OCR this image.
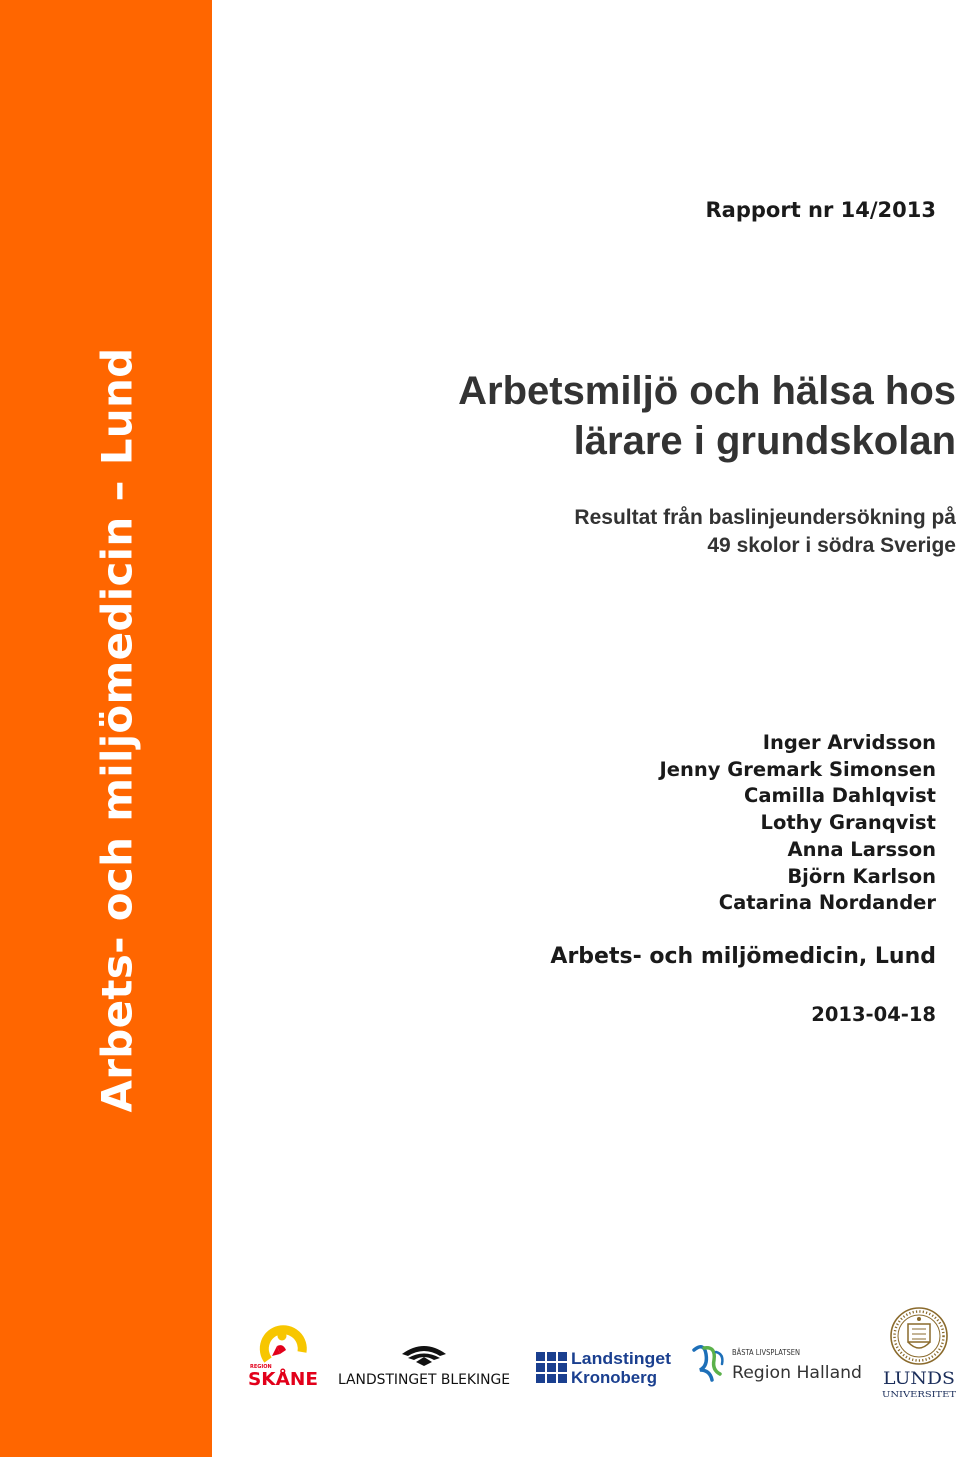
Arbets- och miljömedicin – Lund
Rapport nr 14/2013
Arbetsmiljö och hälsa hos
lärare i grundskolan
Resultat från baslinjeundersökning på
49 skolor i södra Sverige
Inger Arvidsson
Jenny Gremark Simonsen
Camilla Dahlqvist
Lothy Granqvist
Anna Larsson
Björn Karlson
Catarina Nordander
Arbets- och miljömedicin, Lund
2013-04-18
REGION
SKÅNE LANDSTINGET BLEKINGE
Landstinget
Kronoberg
BÄSTA LIVSPLATSEN
Region Halland LUNDS
UNIVERSITET
